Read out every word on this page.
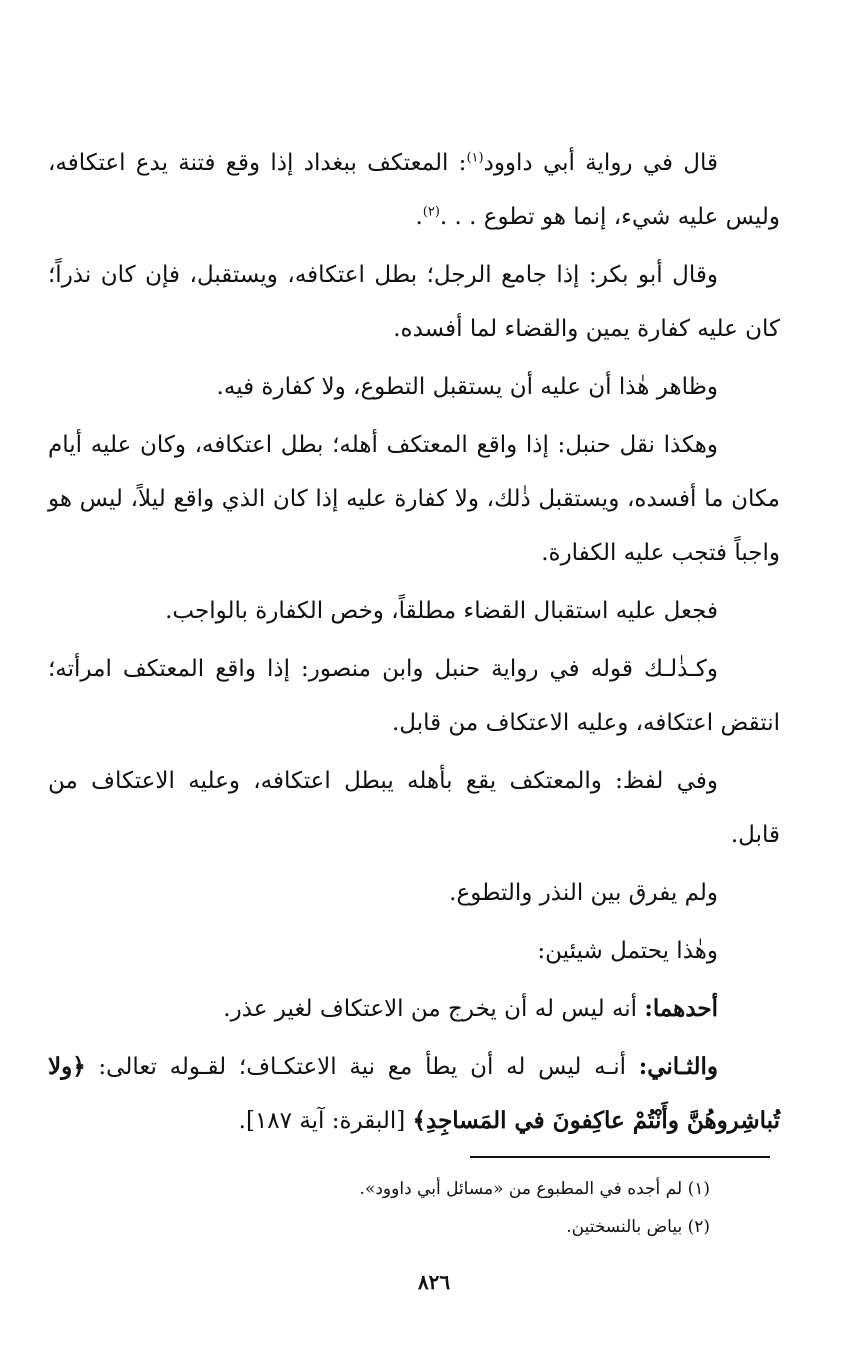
قال في رواية أبي داوود$^{(١)}$: المعتكف ببغداد إذا وقع فتنة يدع اعتكافه، وليس عليه شيء، إنما هو تطوع . . .$^{(٢)}$.

وقال أبو بكر: إذا جامع الرجل؛ بطل اعتكافه، ويستقبل، فإن كان نذراً؛ كان عليه كفارة يمين والقضاء لما أفسده.

وظاهر هٰذا أن عليه أن يستقبل التطوع، ولا كفارة فيه.

وهكذا نقل حنبل: إذا واقع المعتكف أهله؛ بطل اعتكافه، وكان عليه أيام مكان ما أفسده، ويستقبل ذٰلك، ولا كفارة عليه إذا كان الذي واقع ليلاً، ليس هو واجباً فتجب عليه الكفارة.

فجعل عليه استقبال القضاء مطلقاً، وخص الكفارة بالواجب.

وكـذٰلـك قوله في رواية حنبل وابن منصور: إذا واقع المعتكف امرأته؛ انتقض اعتكافه، وعليه الاعتكاف من قابل.

وفي لفظ: والمعتكف يقع بأهله يبطل اعتكافه، وعليه الاعتكاف من قابل.

ولم يفرق بين النذر والتطوع.

وهٰذا يحتمل شيئين:

أحدهما: أنه ليس له أن يخرج من الاعتكاف لغير عذر.

والثـاني: أنـه ليس له أن يطأ مع نية الاعتكـاف؛ لقـوله تعالى: ﴿ولا تُباشِروهُنَّ وأَنْتُمْ عاكِفونَ في المَساجِدِ﴾ [البقرة: آية ١٨٧].

(١) لم أجده في المطبوع من «مسائل أبي داوود».

(٢) بياض بالنسختين.

٨٢٦
